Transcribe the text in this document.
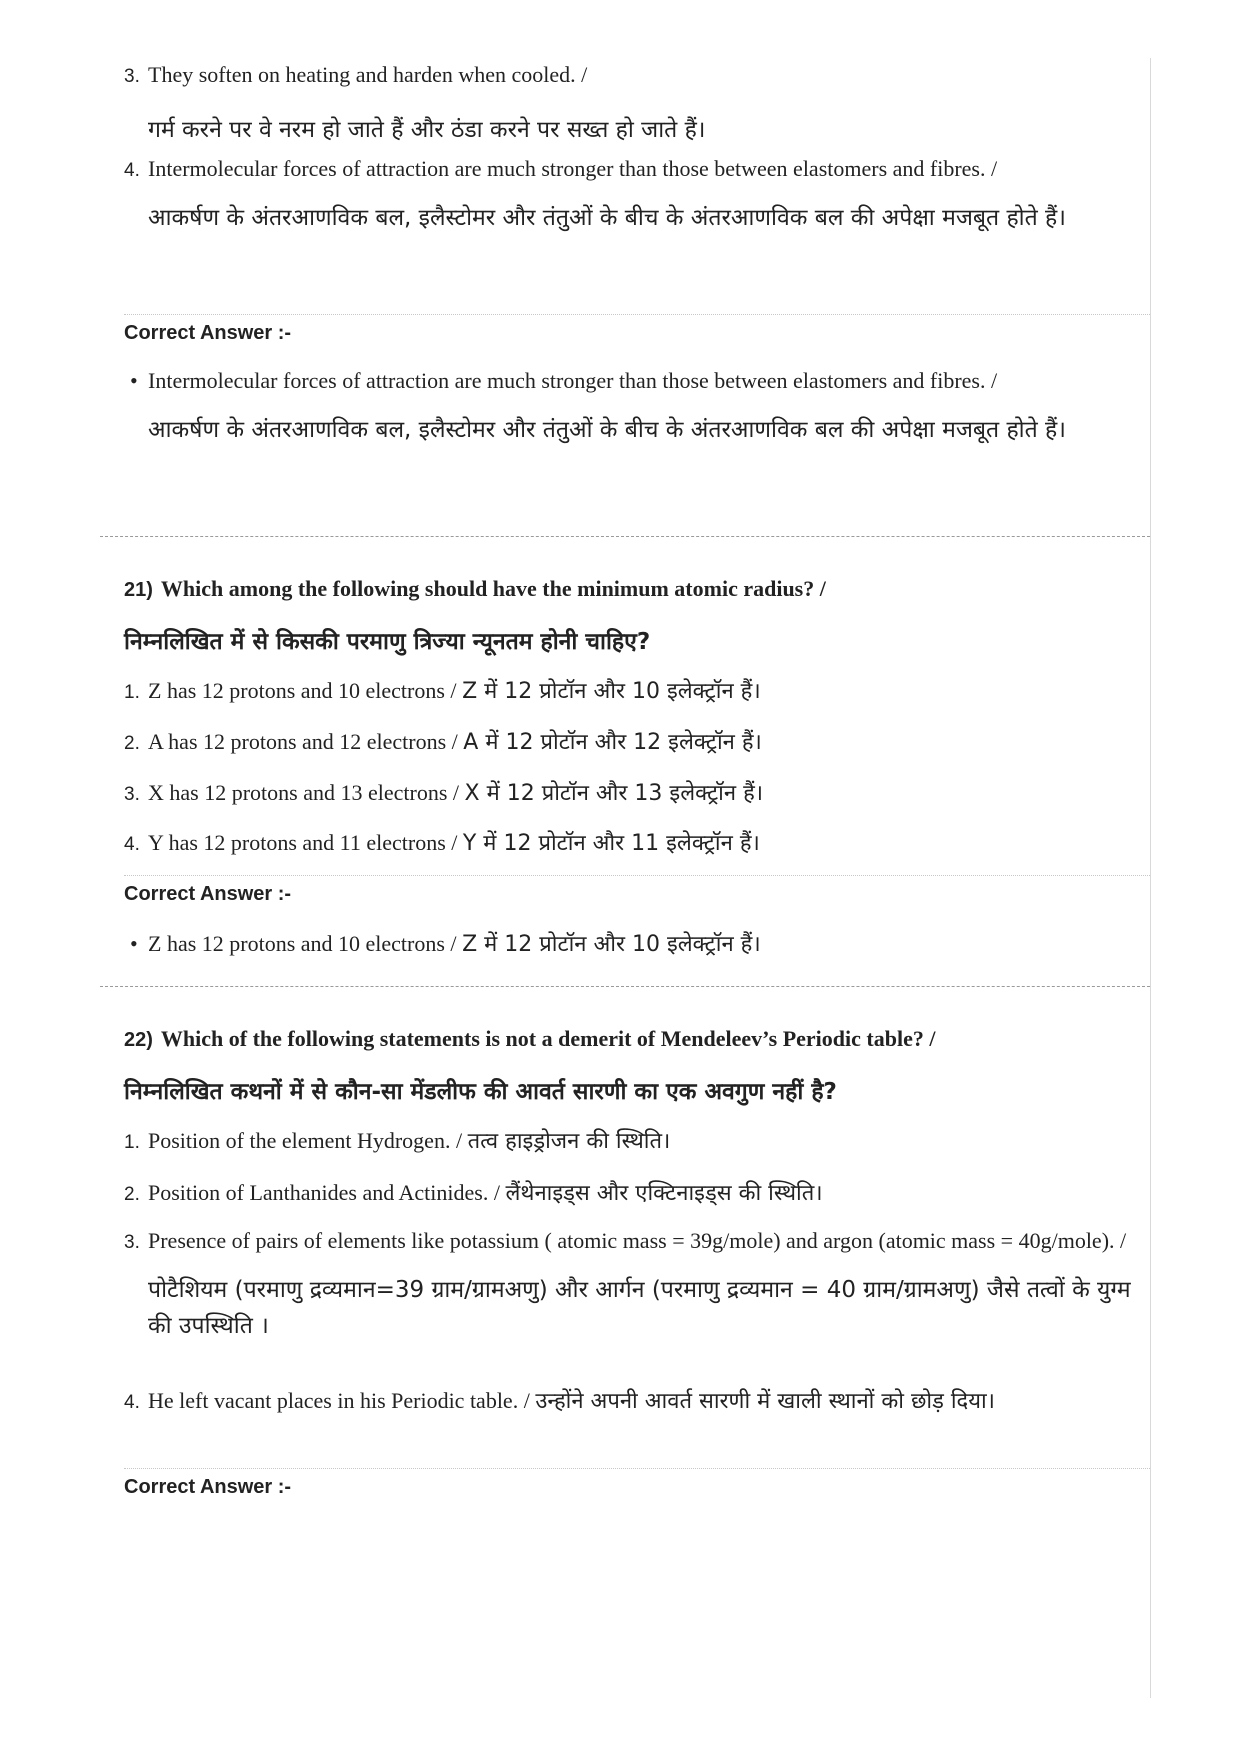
3. They soften on heating and harden when cooled. /
गर्म करने पर वे नरम हो जाते हैं और ठंडा करने पर सख्त हो जाते हैं।
4. Intermolecular forces of attraction are much stronger than those between elastomers and fibres. /
आकर्षण के अंतरआणविक बल, इलैस्टोमर और तंतुओं के बीच के अंतरआणविक बल की अपेक्षा मजबूत होते हैं।
Correct Answer :-
• Intermolecular forces of attraction are much stronger than those between elastomers and fibres. /
आकर्षण के अंतरआणविक बल, इलैस्टोमर और तंतुओं के बीच के अंतरआणविक बल की अपेक्षा मजबूत होते हैं।
21) Which among the following should have the minimum atomic radius? /
निम्नलिखित में से किसकी परमाणु त्रिज्या न्यूनतम होनी चाहिए?
1. Z has 12 protons and 10 electrons / Z में 12 प्रोटॉन और 10 इलेक्ट्रॉन हैं।
2. A has 12 protons and 12 electrons / A में 12 प्रोटॉन और 12 इलेक्ट्रॉन हैं।
3. X has 12 protons and 13 electrons / X में 12 प्रोटॉन और 13 इलेक्ट्रॉन हैं।
4. Y has 12 protons and 11 electrons / Y में 12 प्रोटॉन और 11 इलेक्ट्रॉन हैं।
Correct Answer :-
• Z has 12 protons and 10 electrons / Z में 12 प्रोटॉन और 10 इलेक्ट्रॉन हैं।
22) Which of the following statements is not a demerit of Mendeleev’s Periodic table? /
निम्नलिखित कथनों में से कौन-सा मेंडलीफ की आवर्त सारणी का एक अवगुण नहीं है?
1. Position of the element Hydrogen. / तत्व हाइड्रोजन की स्थिति।
2. Position of Lanthanides and Actinides. / लैंथेनाइड्स और एक्टिनाइड्स की स्थिति।
3. Presence of pairs of elements like potassium ( atomic mass = 39g/mole) and argon (atomic mass = 40g/mole). /
पोटैशियम (परमाणु द्रव्यमान=39 ग्राम/ग्रामअणु) और आर्गन (परमाणु द्रव्यमान = 40 ग्राम/ग्रामअणु) जैसे तत्वों के युग्म की उपस्थिति ।
4. He left vacant places in his Periodic table. / उन्होंने अपनी आवर्त सारणी में खाली स्थानों को छोड़ दिया।
Correct Answer :-
